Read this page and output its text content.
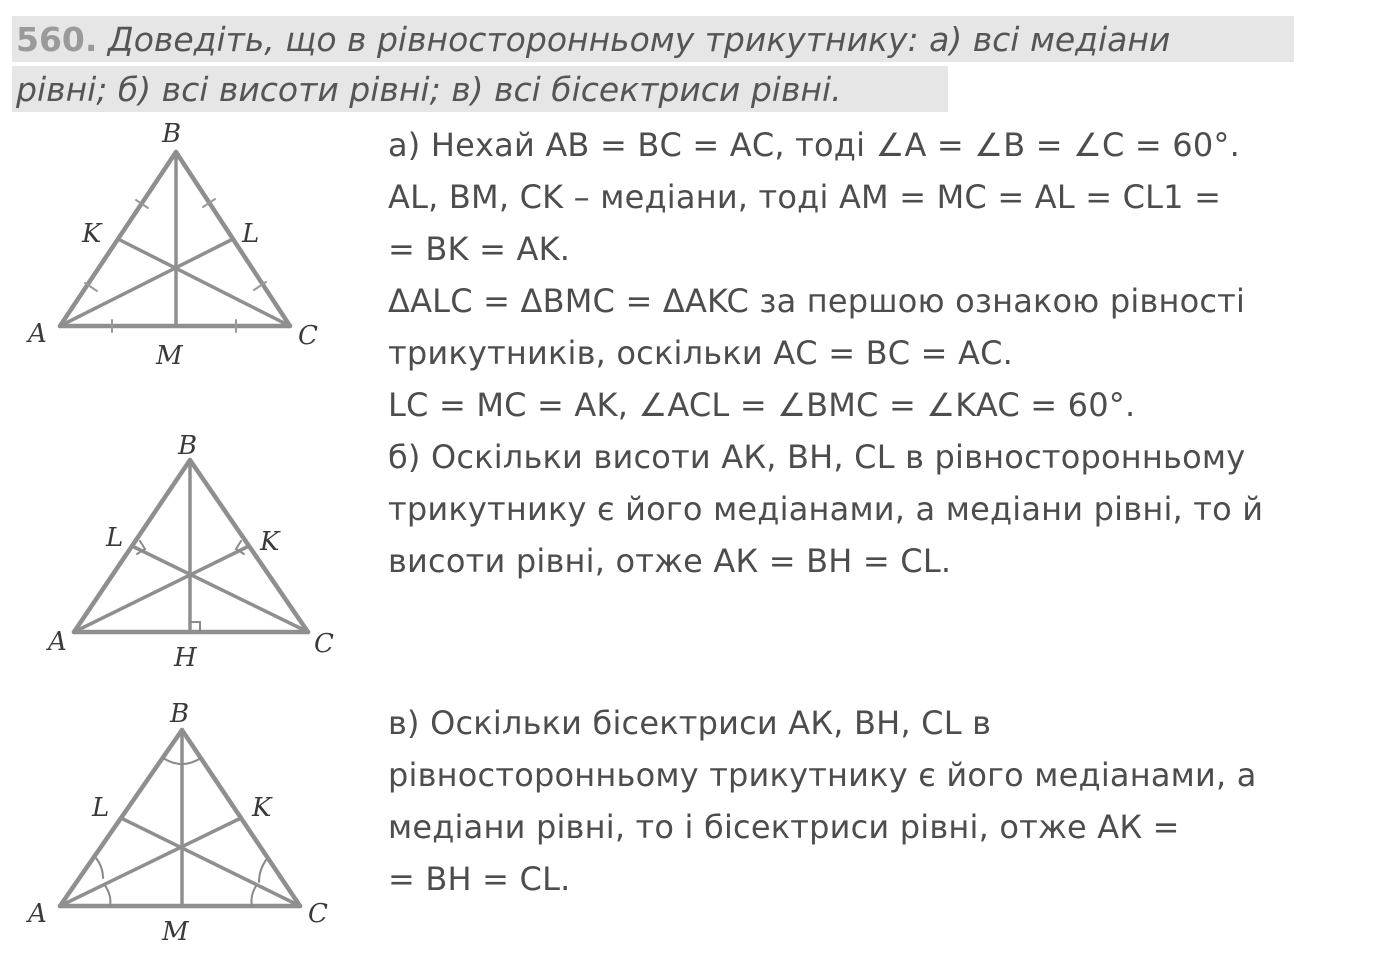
560. Доведіть, що в рівносторонньому трикутнику: а) всі медіани
рівні; б) всі висоти рівні; в) всі бісектриси рівні.
а) Нехай АВ = ВС = АС, тоді ∠A = ∠B = ∠C = 60°.
AL, BM, CK – медіани, тоді АМ = МС = AL = CL1 =
= BK = AK.
ΔALC = ΔBMC = ΔAKC за першою ознакою рівності
трикутників, оскільки АС = ВС = АС.
LC = MC = AK, ∠ACL = ∠BMC = ∠KAC = 60°.
б) Оскільки висоти АК, ВН, CL в рівносторонньому
трикутнику є його медіанами, а медіани рівні, то й
висоти рівні, отже АК = ВН = CL.
в) Оскільки бісектриси АК, ВН, CL в
рівносторонньому трикутнику є його медіанами, а
медіани рівні, то і бісектриси рівні, отже АК =
= BH = CL.
B
K	L
A	C
M
B
L	K
A	C
H
B
L	K
A	C
M
